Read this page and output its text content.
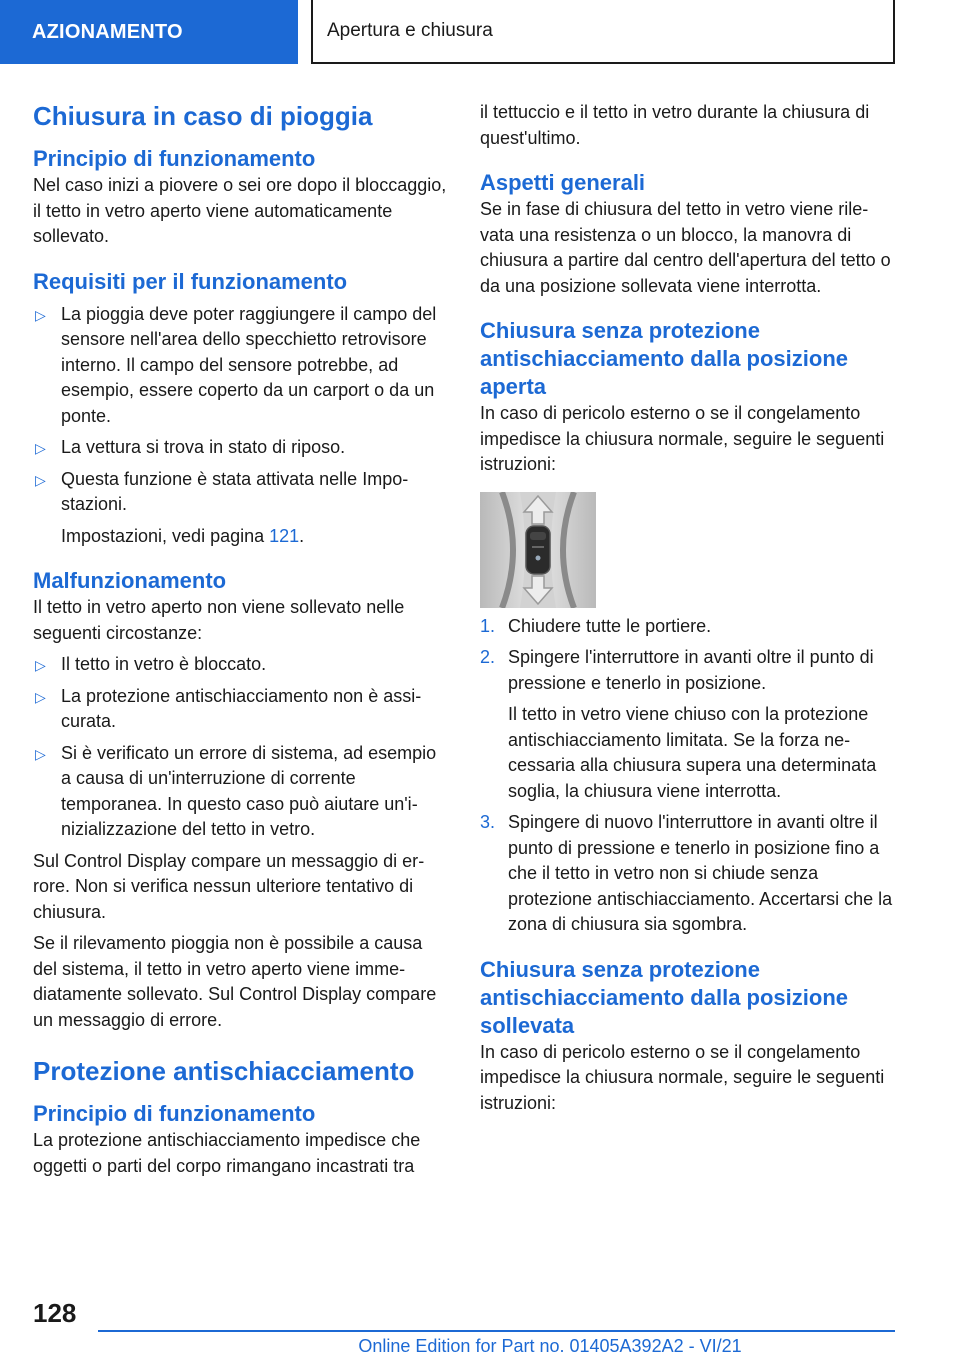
AZIONAMENTO	Apertura e chiusura
Chiusura in caso di pioggia
Principio di funzionamento

Nel caso inizi a piovere o sei ore dopo il bloccaggio, il tetto in vetro aperto viene automaticamente sollevato.

Requisiti per il funzionamento
▷ La pioggia deve poter raggiungere il campo del sensore nell'area dello specchietto retrovisore interno. Il campo del sensore potrebbe, ad esempio, essere coperto da un carport o da un ponte.
▷ La vettura si trova in stato di riposo.
▷ Questa funzione è stata attivata nelle Impostazioni.
Impostazioni, vedi pagina 121.
Malfunzionamento

Il tetto in vetro aperto non viene sollevato nelle seguenti circostanze:

▷ Il tetto in vetro è bloccato.
▷ La protezione antischiacciamento non è assicurata.
▷ Si è verificato un errore di sistema, ad esempio a causa di un'interruzione di corrente temporanea. In questo caso può aiutare un'inizializzazione del tetto in vetro.

Sul Control Display compare un messaggio di errore. Non si verifica nessun ulteriore tentativo di chiusura.

Se il rilevamento pioggia non è possibile a causa del sistema, il tetto in vetro aperto viene immediatamente sollevato. Sul Control Display compare un messaggio di errore.

Protezione antischiacciamento
Principio di funzionamento

La protezione antischiacciamento impedisce che oggetti o parti del corpo rimangano incastrati tra

il tettuccio e il tetto in vetro durante la chiusura di quest'ultimo.

Aspetti generali

Se in fase di chiusura del tetto in vetro viene rilevata una resistenza o un blocco, la manovra di chiusura a partire dal centro dell'apertura del tetto o da una posizione sollevata viene interrotta.

Chiusura senza protezione antischiacciamento dalla posizione aperta

In caso di pericolo esterno o se il congelamento impedisce la chiusura normale, seguire le seguenti istruzioni:

1. Chiudere tutte le portiere.
2. Spingere l'interruttore in avanti oltre il punto di pressione e tenerlo in posizione.
Il tetto in vetro viene chiuso con la protezione antischiacciamento limitata. Se la forza necessaria alla chiusura supera una determinata soglia, la chiusura viene interrotta.
3. Spingere di nuovo l'interruttore in avanti oltre il punto di pressione e tenerlo in posizione fino a che il tetto in vetro non si chiude senza protezione antischiacciamento. Accertarsi che la zona di chiusura sia sgombra.
Chiusura senza protezione antischiacciamento dalla posizione sollevata

In caso di pericolo esterno o se il congelamento impedisce la chiusura normale, seguire le seguenti istruzioni:

128
Online Edition for Part no. 01405A392A2 - VI/21
